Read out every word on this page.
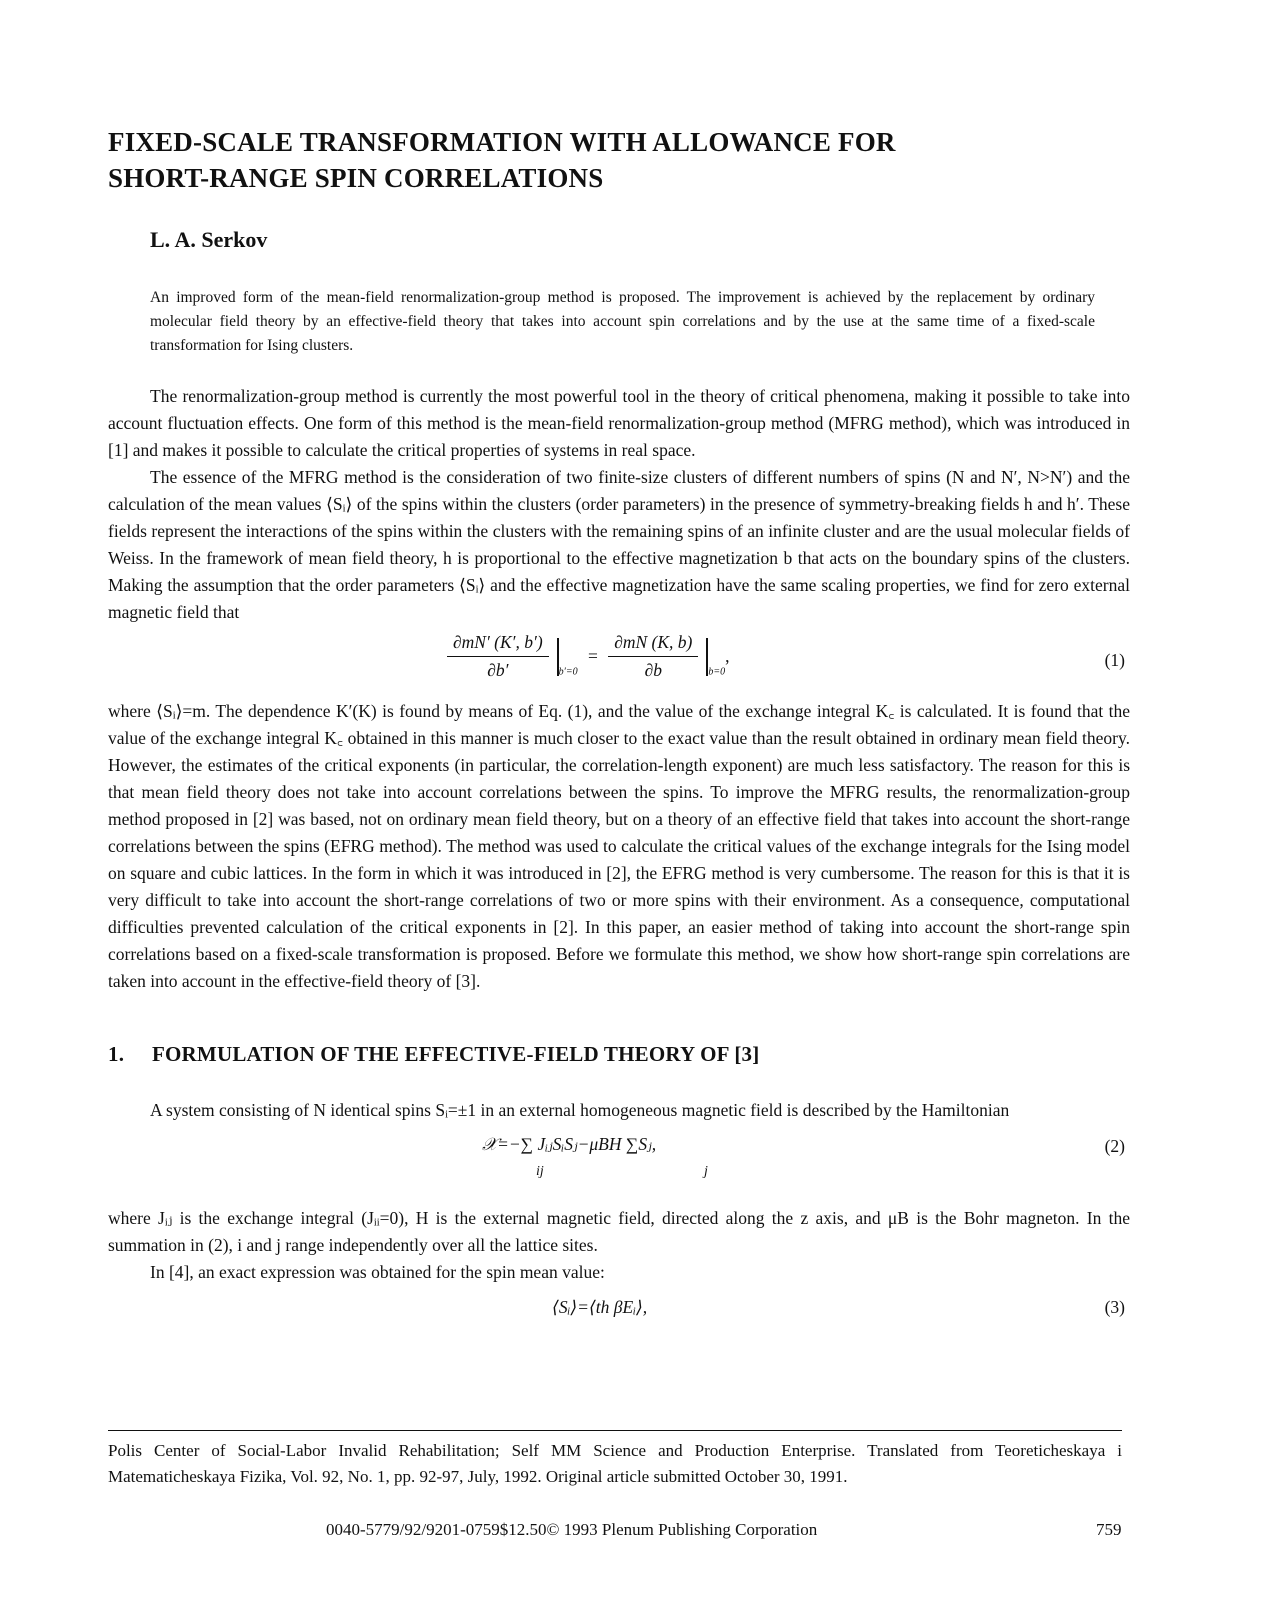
FIXED-SCALE TRANSFORMATION WITH ALLOWANCE FOR
SHORT-RANGE SPIN CORRELATIONS
L. A. Serkov
An improved form of the mean-field renormalization-group method is proposed. The improvement is achieved by the replacement by ordinary molecular field theory by an effective-field theory that takes into account spin correlations and by the use at the same time of a fixed-scale transformation for Ising clusters.

The renormalization-group method is currently the most powerful tool in the theory of critical phenomena, making it possible to take into account fluctuation effects. One form of this method is the mean-field renormalization-group method (MFRG method), which was introduced in [1] and makes it possible to calculate the critical properties of systems in real space.

The essence of the MFRG method is the consideration of two finite-size clusters of different numbers of spins (N and N′, N>N′) and the calculation of the mean values ⟨Sᵢ⟩ of the spins within the clusters (order parameters) in the presence of symmetry-breaking fields h and h′. These fields represent the interactions of the spins within the clusters with the remaining spins of an infinite cluster and are the usual molecular fields of Weiss. In the framework of mean field theory, h is proportional to the effective magnetization b that acts on the boundary spins of the clusters. Making the assumption that the order parameters ⟨Sᵢ⟩ and the effective magnetization have the same scaling properties, we find for zero external magnetic field that

$\frac{\partial mN' (K', b')}{\partial b'} _{b'=0} = \frac{\partial mN (K, b)}{\partial b} _{b=0}$,	(1)

where ⟨Sᵢ⟩=m. The dependence K′(K) is found by means of Eq. (1), and the value of the exchange integral K꜀ is calculated. It is found that the value of the exchange integral K꜀ obtained in this manner is much closer to the exact value than the result obtained in ordinary mean field theory. However, the estimates of the critical exponents (in particular, the correlation-length exponent) are much less satisfactory. The reason for this is that mean field theory does not take into account correlations between the spins. To improve the MFRG results, the renormalization-group method proposed in [2] was based, not on ordinary mean field theory, but on a theory of an effective field that takes into account the short-range correlations between the spins (EFRG method). The method was used to calculate the critical values of the exchange integrals for the Ising model on square and cubic lattices. In the form in which it was introduced in [2], the EFRG method is very cumbersome. The reason for this is that it is very difficult to take into account the short-range correlations of two or more spins with their environment. As a consequence, computational difficulties prevented calculation of the critical exponents in [2]. In this paper, an easier method of taking into account the short-range spin correlations based on a fixed-scale transformation is proposed. Before we formulate this method, we show how short-range spin correlations are taken into account in the effective-field theory of [3].

1. FORMULATION OF THE EFFECTIVE-FIELD THEORY OF [3]

A system consisting of N identical spins Sᵢ=±1 in an external homogeneous magnetic field is described by the Hamiltonian

𝒳=−∑ JᵢⱼSᵢSⱼ−μBH ∑Sⱼ,
ij	j
(2)

where Jᵢⱼ is the exchange integral (Jᵢᵢ=0), H is the external magnetic field, directed along the z axis, and μB is the Bohr magneton. In the summation in (2), i and j range independently over all the lattice sites.

In [4], an exact expression was obtained for the spin mean value:

⟨Sᵢ⟩=⟨th βEᵢ⟩,	(3)
Polis Center of Social-Labor Invalid Rehabilitation; Self MM Science and Production Enterprise. Translated from Teoreticheskaya i Matematicheskaya Fizika, Vol. 92, No. 1, pp. 92-97, July, 1992. Original article submitted October 30, 1991.
0040-5779/92/9201-0759$12.50© 1993 Plenum Publishing Corporation	759
